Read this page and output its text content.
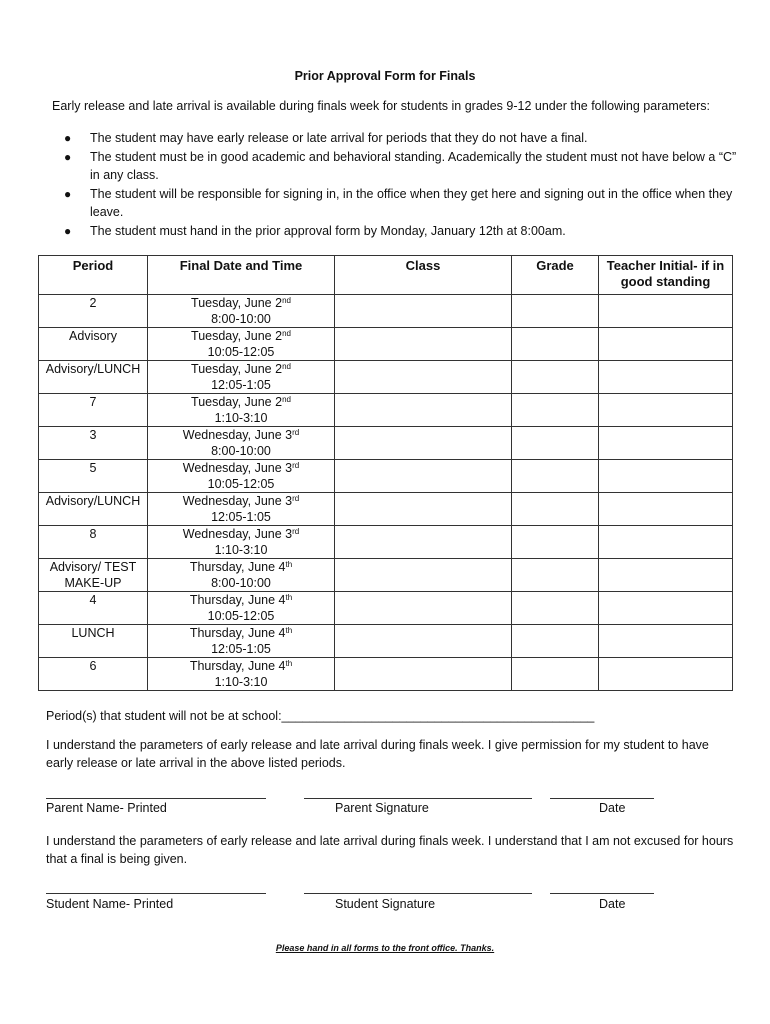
Prior Approval Form for Finals
Early release and late arrival is available during finals week for students in grades 9-12 under the following parameters:
● The student may have early release or late arrival for periods that they do not have a final.
● The student must be in good academic and behavioral standing. Academically the student must not have below a “C” in any class.
● The student will be responsible for signing in, in the office when they get here and signing out in the office when they leave.
● The student must hand in the prior approval form by Monday, January 12th at 8:00am.
Period	Final Date and Time	Class	Grade	Teacher Initial- if in good standing
2	Tuesday, June 2nd
8:00-10:00			
Advisory	Tuesday, June 2nd
10:05-12:05			
Advisory/LUNCH	Tuesday, June 2nd
12:05-1:05			
7	Tuesday, June 2nd
1:10-3:10			
3	Wednesday, June 3rd
8:00-10:00			
5	Wednesday, June 3rd
10:05-12:05			
Advisory/LUNCH	Wednesday, June 3rd
12:05-1:05			
8	Wednesday, June 3rd
1:10-3:10			
Advisory/ TEST MAKE-UP	Thursday, June 4th
8:00-10:00			
4	Thursday, June 4th
10:05-12:05			
LUNCH	Thursday, June 4th
12:05-1:05			
6	Thursday, June 4th
1:10-3:10			
Period(s) that student will not be at school:_____________________________________________
I understand the parameters of early release and late arrival during finals week. I give permission for my student to have early release or late arrival in the above listed periods.
Parent Name- Printed	Parent Signature	Date
I understand the parameters of early release and late arrival during finals week. I understand that I am not excused for hours that a final is being given.
Student Name- Printed	Student Signature	Date
Please hand in all forms to the front office. Thanks.
